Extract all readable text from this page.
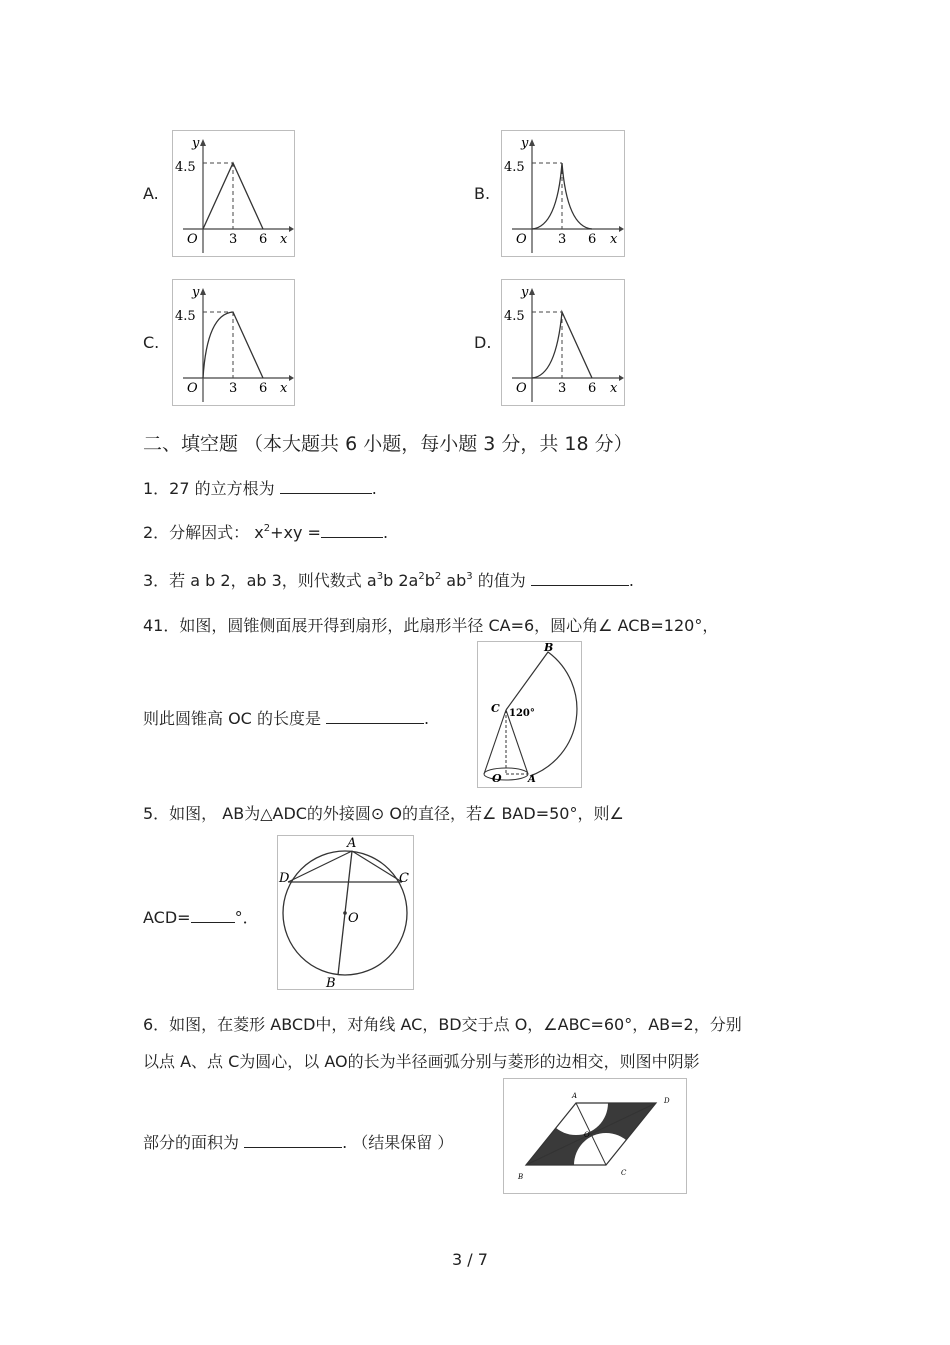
A.
y
4.5
O 3 6 x
B.
y
4.5
O 3 6 x
C.
y
4.5
O 3 6 x
D.
y
4.5
O 3 6 x
二、填空题 （本大题共 6 小题，每小题 3 分，共 18 分）
1．27 的立方根为	.
2．分解因式： $x^2+xy$ =	.
3．若 a b 2，ab 3，则代数式 $a^3b$ $2a^2b^2$ $ab^3$ 的值为	.
41．如图，圆锥侧面展开得到扇形，此扇形半径 CA=6，圆心角∠ ACB=120°，
则此圆锥高 OC 的长度是	.
B
C 120°
O	A
5．如图， AB为△ADC的外接圆⊙ O的直径，若∠ BAD=50°，则∠
ACD=	°．
A
D	C
O
B
6．如图，在菱形 ABCD中，对角线 AC，BD交于点 O，∠ABC=60°，AB=2，分别
以点 A、点 C为圆心，以 AO的长为半径画弧分别与菱形的边相交，则图中阴影
部分的面积为	. （结果保留 ）
A
D
B	C
O
3 / 7
